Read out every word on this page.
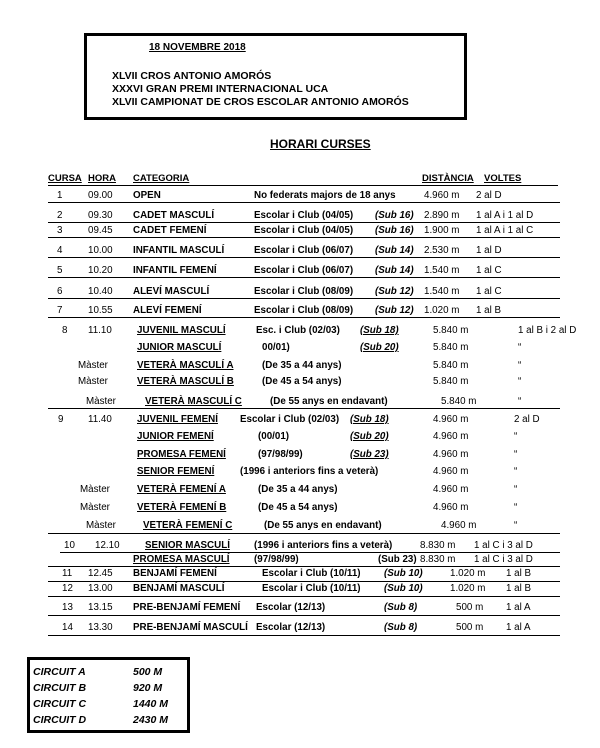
18 NOVEMBRE 2018
XLVII CROS ANTONIO AMORÓS
XXXVI GRAN PREMI INTERNACIONAL UCA
XLVII CAMPIONAT DE CROS ESCOLAR ANTONIO AMORÓS
HORARI CURSES
CURSA HORA CATEGORIA	DISTÀNCIA VOLTES
1	09.00 OPEN	No federats majors de 18 anys	4.960 m 2 al D
2	09.30 CADET MASCULÍ	Escolar i Club (04/05) (Sub 16) 2.890 m 1 al A i 1 al D
3	09.45 CADET FEMENÍ	Escolar i Club (04/05) (Sub 16) 1.900 m 1 al A i 1 al C
4	10.00 INFANTIL MASCULÍ	Escolar i Club (06/07) (Sub 14) 2.530 m 1 al D
5	10.20 INFANTIL FEMENÍ	Escolar i Club (06/07) (Sub 14) 1.540 m 1 al C
6	10.40 ALEVÍ MASCULÍ	Escolar i Club (08/09) (Sub 12) 1.540 m 1 al C
7	10.55 ALEVÍ FEMENÍ	Escolar i Club (08/09) (Sub 12) 1.020 m 1 al B
8 11.10	JUVENIL MASCULÍ	Esc. i Club (02/03) (Sub 18)	5.840 m	1 al B i 2 al D
JUNIOR MASCULÍ	00/01)	(Sub 20)	5.840 m	“
Màster	VETERÀ MASCULÍ A	(De 35 a 44 anys)	5.840 m	“
Màster	VETERÀ MASCULÍ B	(De 45 a 54 anys)	5.840 m	“
Màster	VETERÀ MASCULÍ C	(De 55 anys en endavant)	5.840 m	“
9	11.40	JUVENIL FEMENÍ Escolar i Club (02/03) (Sub 18)	4.960 m	2 al D
JUNIOR FEMENÍ	(00/01)	(Sub 20)	4.960 m	“
PROMESA FEMENÍ	(97/98/99)	(Sub 23)	4.960 m	“
SENIOR FEMENÍ	(1996 i anteriors fins a veterà)	4.960 m	“
Màster	VETERÀ FEMENÍ A	(De 35 a 44 anys)	4.960 m	“
Màster	VETERÀ FEMENÍ B	(De 45 a 54 anys)	4.960 m	“
Màster	VETERÀ FEMENÍ C	(De 55 anys en endavant)	4.960 m	“
10 12.10	SENIOR MASCULÍ (1996 i anteriors fins a veterà)	8.830 m 1 al C i 3 al D
PROMESA MASCULÍ (97/98/99)	(Sub 23) 8.830 m 1 al C i 3 al D
11 12.45 BENJAMÍ FEMENÍ	Escolar i Club (10/11) (Sub 10)	1.020 m 1 al B
12 13.00 BENJAMÍ MASCULÍ	Escolar i Club (10/11) (Sub 10)	1.020 m 1 al B
13 13.15 PRE-BENJAMÍ FEMENÍ Escolar (12/13)	(Sub 8)	500 m 1 al A
14 13.30 PRE-BENJAMÍ MASCULÍ Escolar (12/13)	(Sub 8)	500 m 1 al A
CIRCUIT A	500 M
CIRCUIT B	920 M
CIRCUIT C	1440 M
CIRCUIT D	2430 M
